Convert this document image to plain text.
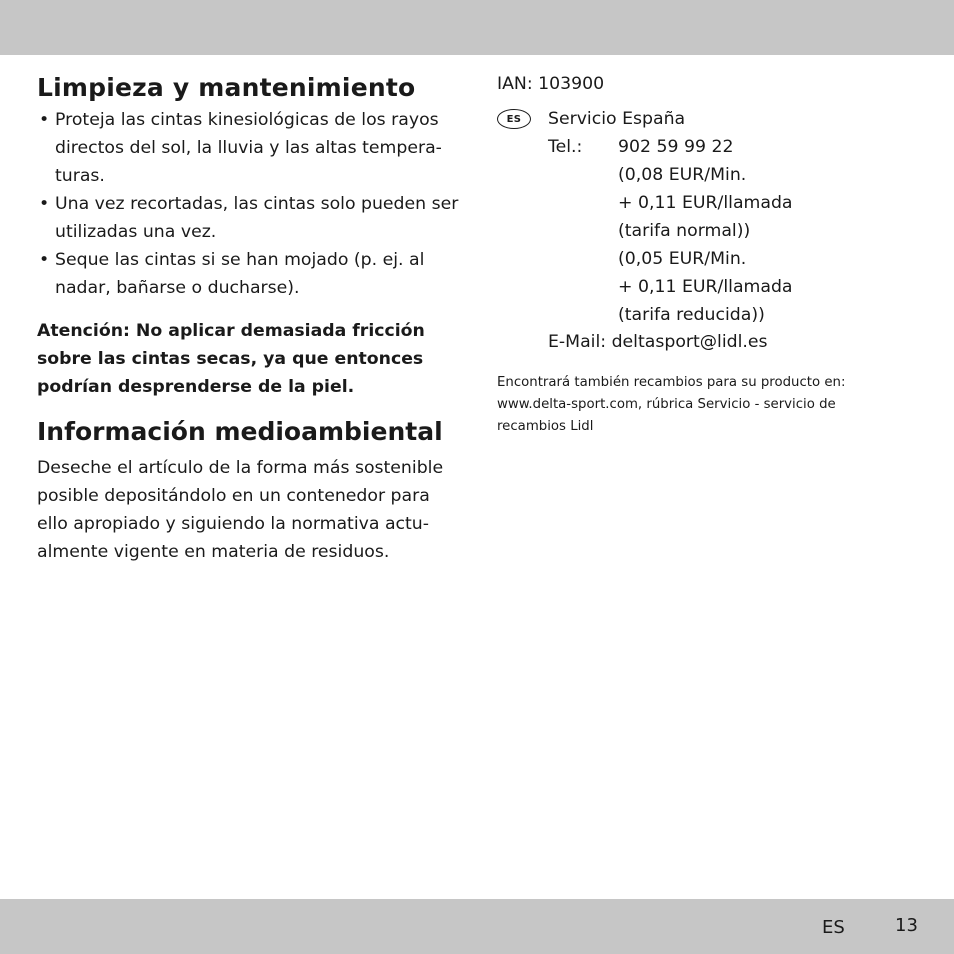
Limpieza y mantenimiento
• Proteja las cintas kinesiológicas de los rayos directos del sol, la lluvia y las altas tempera-turas.
• Una vez recortadas, las cintas solo pueden ser utilizadas una vez.
• Seque las cintas si se han mojado (p. ej. al nadar, bañarse o ducharse).

Atención: No aplicar demasiada fricción sobre las cintas secas, ya que entonces podrían desprenderse de la piel.

Información medioambiental

Deseche el artículo de la forma más sostenible posible depositándolo en un contenedor para ello apropiado y siguiendo la normativa actu-almente vigente en materia de residuos.

IAN: 103900
ES	Servicio España
Tel.: 902 59 99 22
(0,08 EUR/Min.
+ 0,11 EUR/llamada
(tarifa normal))
(0,05 EUR/Min.
+ 0,11 EUR/llamada
(tarifa reducida))
E-Mail: deltasport@lidl.es
Encontrará también recambios para su producto en: www.delta-sport.com, rúbrica Servicio - servicio de recambios Lidl
ES	13
